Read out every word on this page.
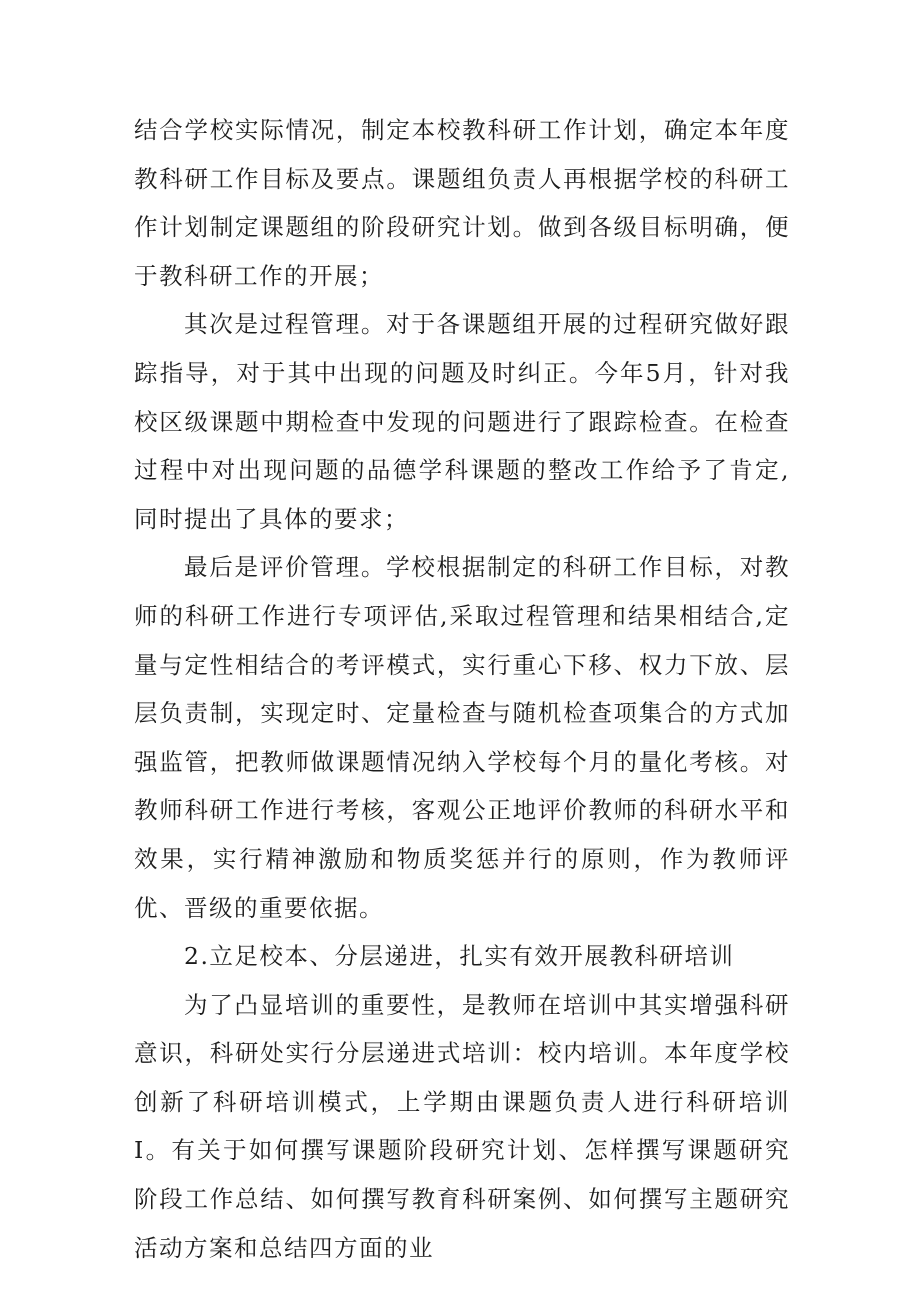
结合学校实际情况，制定本校教科研工作计划，确定本年度教科研工作目标及要点。课题组负责人再根据学校的科研工作计划制定课题组的阶段研究计划。做到各级目标明确，便于教科研工作的开展；

其次是过程管理。对于各课题组开展的过程研究做好跟踪指导，对于其中出现的问题及时纠正。今年5月，针对我校区级课题中期检查中发现的问题进行了跟踪检查。在检查过程中对出现问题的品德学科课题的整改工作给予了肯定,同时提出了具体的要求；

最后是评价管理。学校根据制定的科研工作目标，对教师的科研工作进行专项评估,采取过程管理和结果相结合,定量与定性相结合的考评模式，实行重心下移、权力下放、层层负责制，实现定时、定量检查与随机检查项集合的方式加强监管，把教师做课题情况纳入学校每个月的量化考核。对教师科研工作进行考核，客观公正地评价教师的科研水平和效果，实行精神激励和物质奖惩并行的原则，作为教师评优、晋级的重要依据。

2.立足校本、分层递进，扎实有效开展教科研培训

为了凸显培训的重要性，是教师在培训中其实增强科研意识，科研处实行分层递进式培训：校内培训。本年度学校创新了科研培训模式，上学期由课题负责人进行科研培训Ⅰ。有关于如何撰写课题阶段研究计划、怎样撰写课题研究阶段工作总结、如何撰写教育科研案例、如何撰写主题研究活动方案和总结四方面的业
